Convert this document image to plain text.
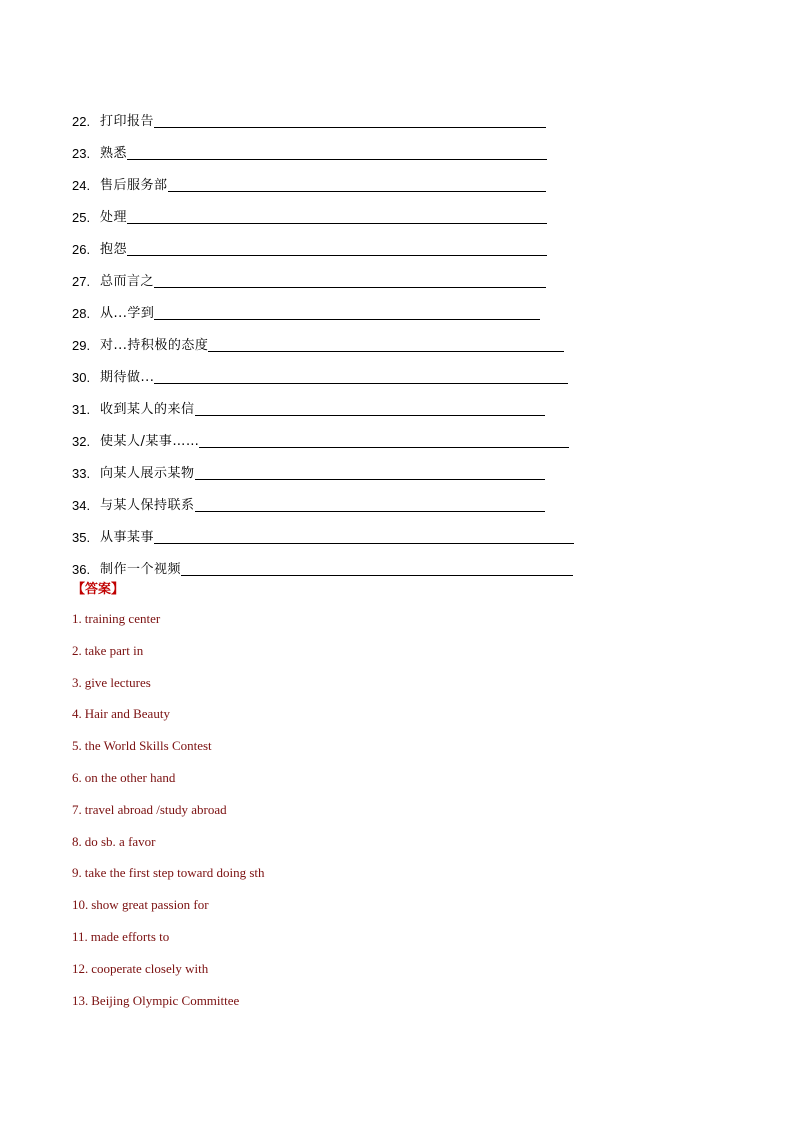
22. 打印报告
23. 熟悉
24. 售后服务部
25. 处理
26. 抱怨
27. 总而言之
28. 从...学到
29. 对...持积极的态度
30. 期待做...
31. 收到某人的来信
32. 使某人/某事……
33. 向某人展示某物
34. 与某人保持联系
35. 从事某事
36. 制作一个视频
【答案】
1. training center
2. take part in
3. give lectures
4. Hair and Beauty
5. the World Skills Contest
6. on the other hand
7. travel abroad /study abroad
8. do sb. a favor
9. take the first step toward doing sth
10. show great passion for
11. made efforts to
12. cooperate closely with
13. Beijing Olympic Committee
